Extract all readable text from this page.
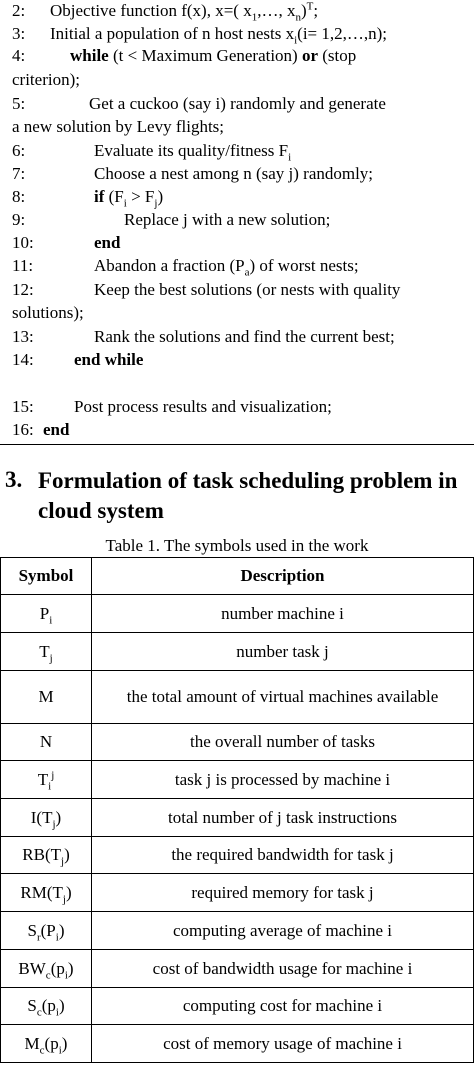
2: Objective function f(x), x=( $x_1,\dots$, $x_n)^T$;
3: Initial a population of n host nests $x_i(i=$ 1,2,…,n);
4:	while (t < Maximum Generation) or (stop
criterion);
5:	Get a cuckoo (say i) randomly and generate
a new solution by Levy flights;
6:	Evaluate its quality/fitness $F_i$
7:	Choose a nest among n (say j) randomly;
8:	if $(F_i > F_j)$
9:	Replace j with a new solution;
10:	end
11:	Abandon a fraction $(P_a)$ of worst nests;
12:	Keep the best solutions (or nests with quality
solutions);
13:	Rank the solutions and find the current best;
14: end while
15: Post process results and visualization;
16: end
3. Formulation of task scheduling problem in cloud system
Table 1. The symbols used in the work
Symbol	Description
$P_i$	number machine i
$T_j$	number task j
M	the total amount of virtual machines available
N	the overall number of tasks
$T_i^j$	task j is processed by machine i
$I(T_j)$	total number of j task instructions
$RB(T_j)$	the required bandwidth for task j
$RM(T_j)$	required memory for task j
$S_r(P_i)$	computing average of machine i
$BW_c(p_i)$	cost of bandwidth usage for machine i
$S_c(p_i)$	computing cost for machine i
$M_c(p_i)$	cost of memory usage of machine i
